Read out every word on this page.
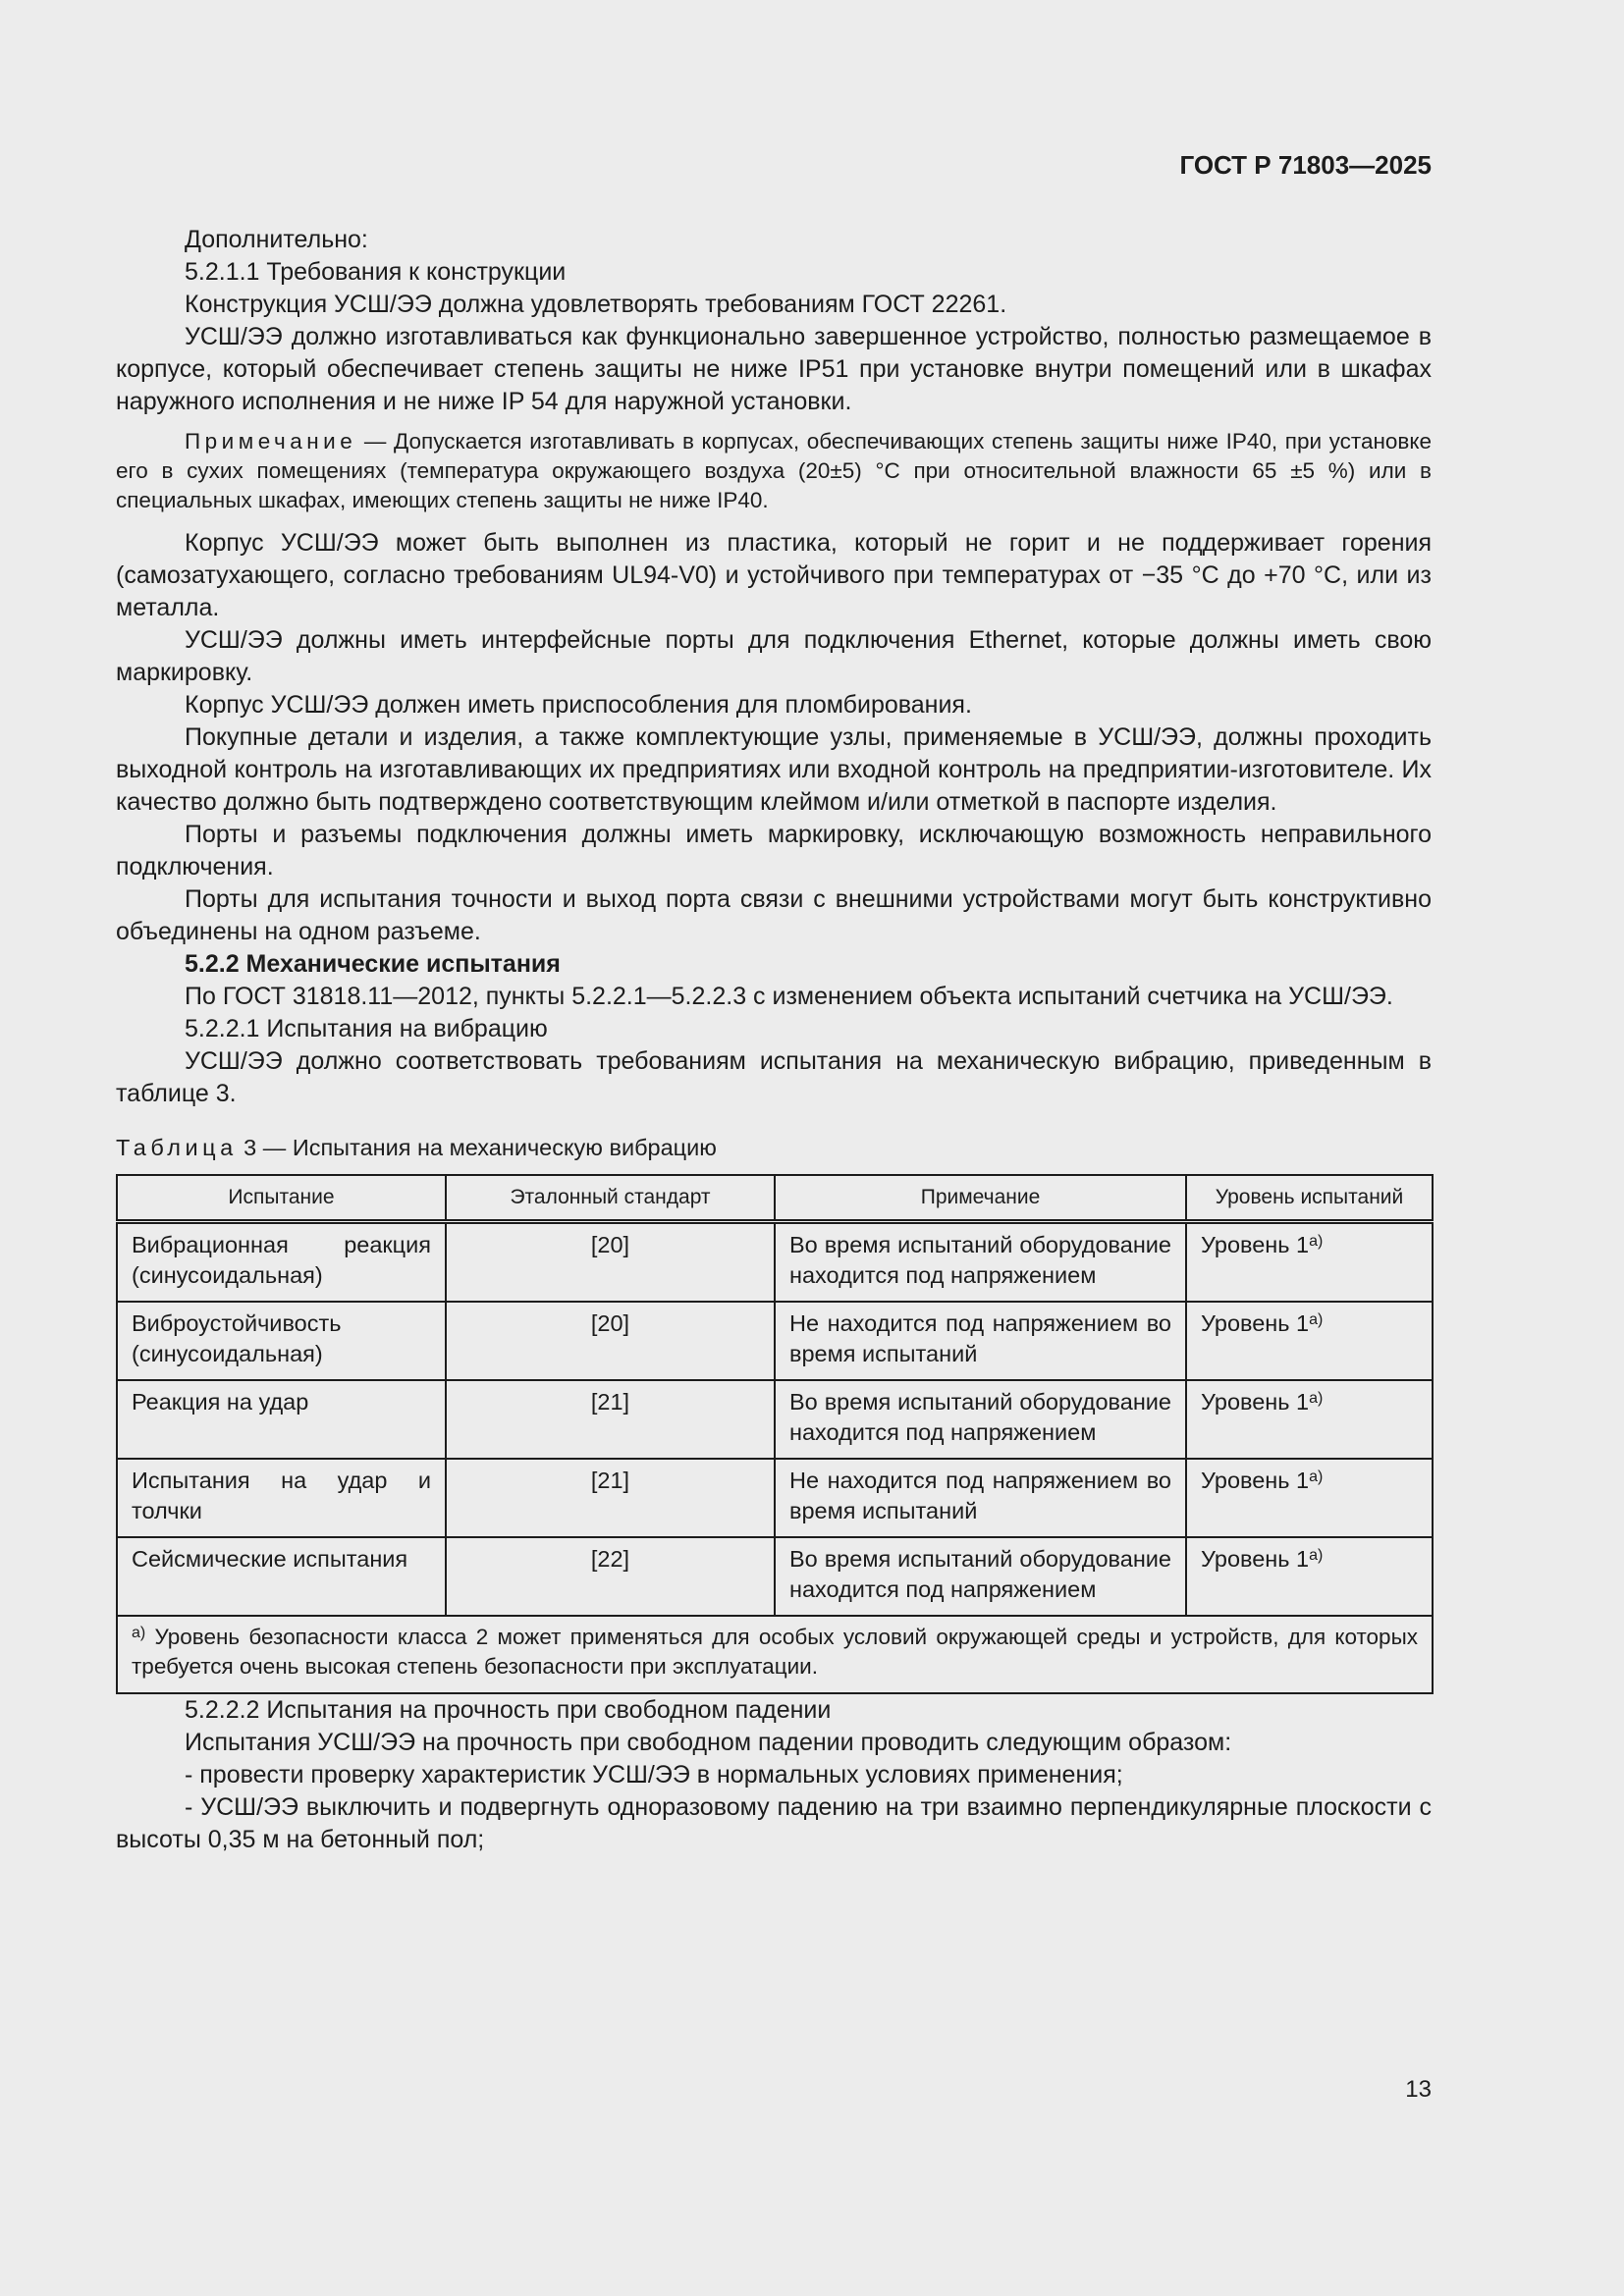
ГОСТ Р 71803—2025

Дополнительно:

5.2.1.1 Требования к конструкции

Конструкция УСШ/ЭЭ должна удовлетворять требованиям ГОСТ 22261.

УСШ/ЭЭ должно изготавливаться как функционально завершенное устройство, полностью размещаемое в корпусе, который обеспечивает степень защиты не ниже IP51 при установке внутри помещений или в шкафах наружного исполнения и не ниже IP 54 для наружной установки.

Примечание — Допускается изготавливать в корпусах, обеспечивающих степень защиты ниже IP40, при установке его в сухих помещениях (температура окружающего воздуха (20±5) °С при относительной влажности 65 ±5 %) или в специальных шкафах, имеющих степень защиты не ниже IP40.

Корпус УСШ/ЭЭ может быть выполнен из пластика, который не горит и не поддерживает горения (самозатухающего, согласно требованиям UL94-V0) и устойчивого при температурах от −35 °С до +70 °С, или из металла.

УСШ/ЭЭ должны иметь интерфейсные порты для подключения Ethernet, которые должны иметь свою маркировку.

Корпус УСШ/ЭЭ должен иметь приспособления для пломбирования.

Покупные детали и изделия, а также комплектующие узлы, применяемые в УСШ/ЭЭ, должны проходить выходной контроль на изготавливающих их предприятиях или входной контроль на предприятии-изготовителе. Их качество должно быть подтверждено соответствующим клеймом и/или отметкой в паспорте изделия.

Порты и разъемы подключения должны иметь маркировку, исключающую возможность неправильного подключения.

Порты для испытания точности и выход порта связи с внешними устройствами могут быть конструктивно объединены на одном разъеме.

5.2.2 Механические испытания

По ГОСТ 31818.11—2012, пункты 5.2.2.1—5.2.2.3 с изменением объекта испытаний счетчика на УСШ/ЭЭ.

5.2.2.1 Испытания на вибрацию

УСШ/ЭЭ должно соответствовать требованиям испытания на механическую вибрацию, приведенным в таблице 3.

Таблица 3 — Испытания на механическую вибрацию

Испытание	Эталонный стандарт	Примечание	Уровень испытаний
Вибрационная реакция (синусоидальная)	[20]	Во время испытаний оборудование находится под напряжением	Уровень $1^{а)}$
Виброустойчивость (синусоидальная)	[20]	Не находится под напряжением во время испытаний	Уровень $1^{а)}$
Реакция на удар	[21]	Во время испытаний оборудование находится под напряжением	Уровень $1^{а)}$
Испытания на удар и толчки	[21]	Не находится под напряжением во время испытаний	Уровень $1^{а)}$
Сейсмические испытания	[22]	Во время испытаний оборудование находится под напряжением	Уровень $1^{а)}$
$^{а)}$ Уровень безопасности класса 2 может применяться для особых условий окружающей среды и устройств, для которых требуется очень высокая степень безопасности при эксплуатации.			

5.2.2.2 Испытания на прочность при свободном падении

Испытания УСШ/ЭЭ на прочность при свободном падении проводить следующим образом:

- провести проверку характеристик УСШ/ЭЭ в нормальных условиях применения;

- УСШ/ЭЭ выключить и подвергнуть одноразовому падению на три взаимно перпендикулярные плоскости с высоты 0,35 м на бетонный пол;

13
